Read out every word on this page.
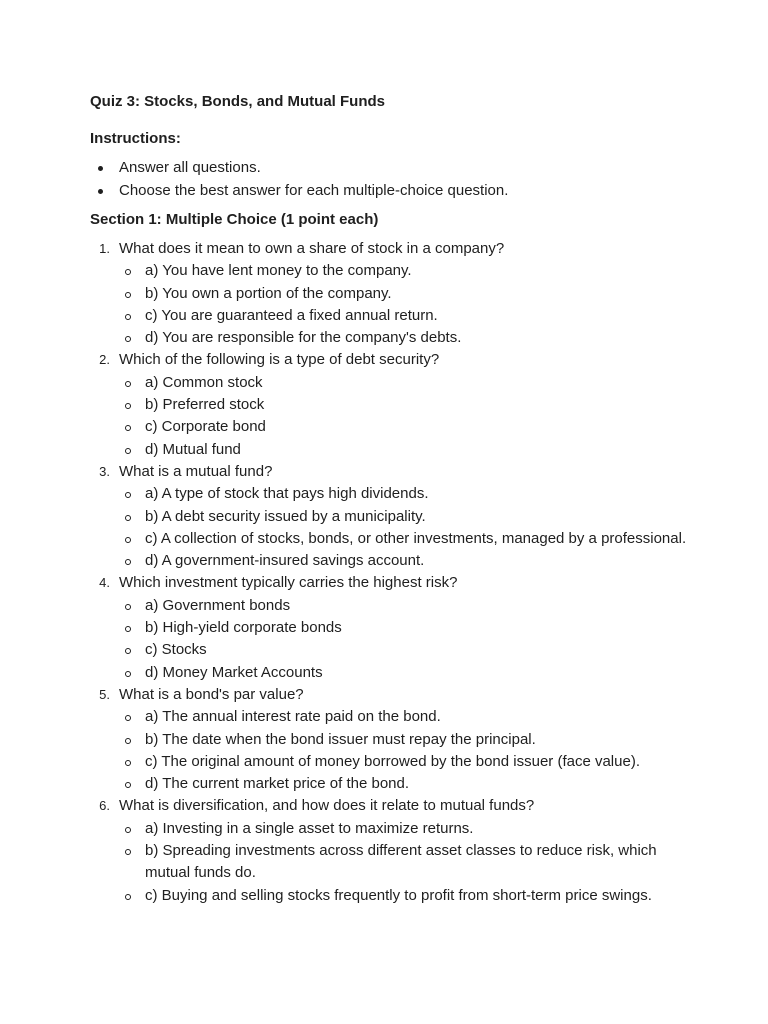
Quiz 3: Stocks, Bonds, and Mutual Funds
Instructions:
Answer all questions.
Choose the best answer for each multiple-choice question.
Section 1: Multiple Choice (1 point each)
1. What does it mean to own a share of stock in a company?
a) You have lent money to the company.
b) You own a portion of the company.
c) You are guaranteed a fixed annual return.
d) You are responsible for the company's debts.
2. Which of the following is a type of debt security?
a) Common stock
b) Preferred stock
c) Corporate bond
d) Mutual fund
3. What is a mutual fund?
a) A type of stock that pays high dividends.
b) A debt security issued by a municipality.
c) A collection of stocks, bonds, or other investments, managed by a professional.
d) A government-insured savings account.
4. Which investment typically carries the highest risk?
a) Government bonds
b) High-yield corporate bonds
c) Stocks
d) Money Market Accounts
5. What is a bond's par value?
a) The annual interest rate paid on the bond.
b) The date when the bond issuer must repay the principal.
c) The original amount of money borrowed by the bond issuer (face value).
d) The current market price of the bond.
6. What is diversification, and how does it relate to mutual funds?
a) Investing in a single asset to maximize returns.
b) Spreading investments across different asset classes to reduce risk, which mutual funds do.
c) Buying and selling stocks frequently to profit from short-term price swings.
